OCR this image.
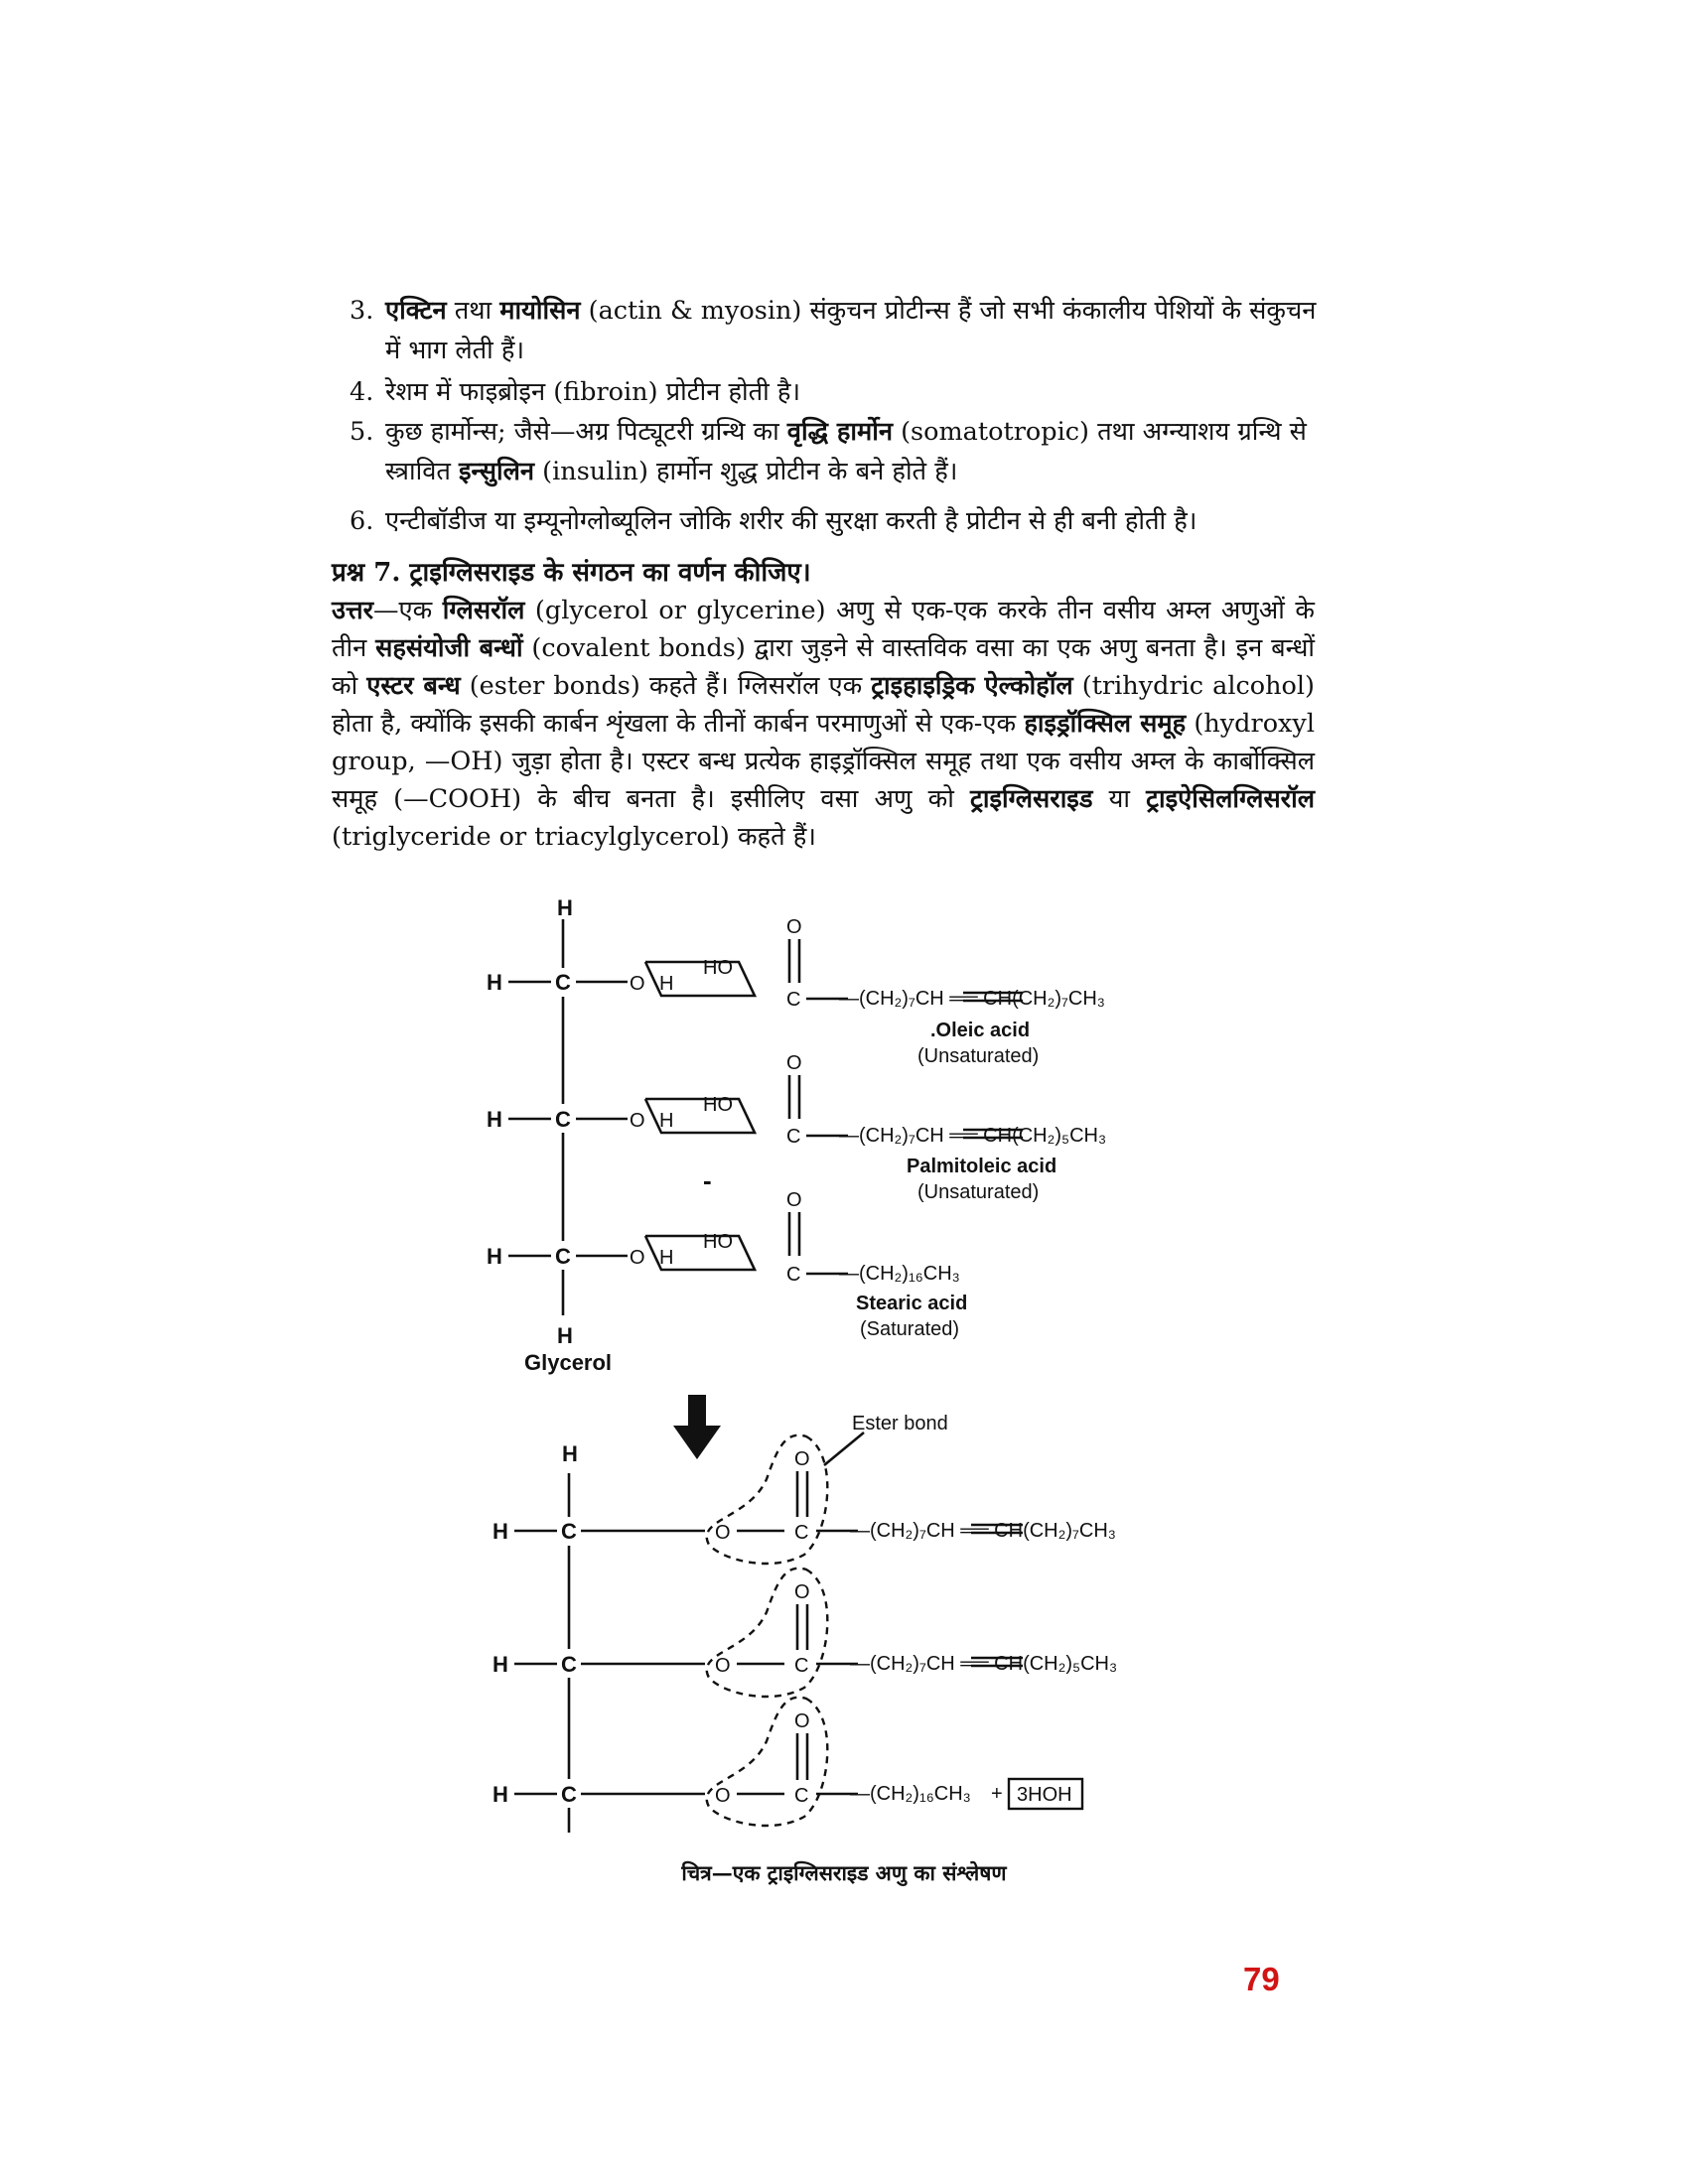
3. एक्टिन तथा मायोसिन (actin & myosin) संकुचन प्रोटीन्स हैं जो सभी कंकालीय पेशियों के संकुचन में भाग लेती हैं।
4. रेशम में फाइब्रोइन (fibroin) प्रोटीन होती है।
5. कुछ हार्मोन्स; जैसे—अग्र पिट्यूटरी ग्रन्थि का वृद्धि हार्मोन (somatotropic) तथा अग्न्याशय ग्रन्थि से स्त्रावित इन्सुलिन (insulin) हार्मोन शुद्ध प्रोटीन के बने होते हैं।
6. एन्टीबॉडीज या इम्यूनोग्लोब्यूलिन जोकि शरीर की सुरक्षा करती है प्रोटीन से ही बनी होती है।
प्रश्न 7. ट्राइग्लिसराइड के संगठन का वर्णन कीजिए।
उत्तर—एक ग्लिसरॉल (glycerol or glycerine) अणु से एक-एक करके तीन वसीय अम्ल अणुओं के तीन सहसंयोजी बन्धों (covalent bonds) द्वारा जुड़ने से वास्तविक वसा का एक अणु बनता है। इन बन्धों को एस्टर बन्ध (ester bonds) कहते हैं। ग्लिसरॉल एक ट्राइहाइड्रिक ऐल्कोहॉल (trihydric alcohol) होता है, क्योंकि इसकी कार्बन शृंखला के तीनों कार्बन परमाणुओं से एक-एक हाइड्रॉक्सिल समूह (hydroxyl group, —OH) जुड़ा होता है। एस्टर बन्ध प्रत्येक हाइड्रॉक्सिल समूह तथा एक वसीय अम्ल के कार्बोक्सिल समूह (—COOH) के बीच बनता है। इसीलिए वसा अणु को ट्राइग्लिसराइड या ट्राइऐसिलग्लिसरॉल (triglyceride or triacylglycerol) कहते हैं।
H
H
H
H
H
C
C
C
Glycerol
O H
HO
O H
HO
O H
HO
O
C
O
C
O
C
—(CH₂)₇CH ══ CH(CH₂)₇CH₃
—(CH₂)₇CH ══ CH(CH₂)₅CH₃
—(CH₂)₁₆CH₃
.Oleic acid
Palmitoleic acid
Stearic acid
(Unsaturated)
(Unsaturated)
(Saturated)
-
H
H
H
H
C
C
C
Ester bond
O
O
O
O
O
O
C
C
C
—(CH₂)₇CH ══ CH(CH₂)₇CH₃
—(CH₂)₇CH ══ CH(CH₂)₅CH₃
—(CH₂)₁₆CH₃ + 3HOH
चित्र—एक ट्राइग्लिसराइड अणु का संश्लेषण
79
